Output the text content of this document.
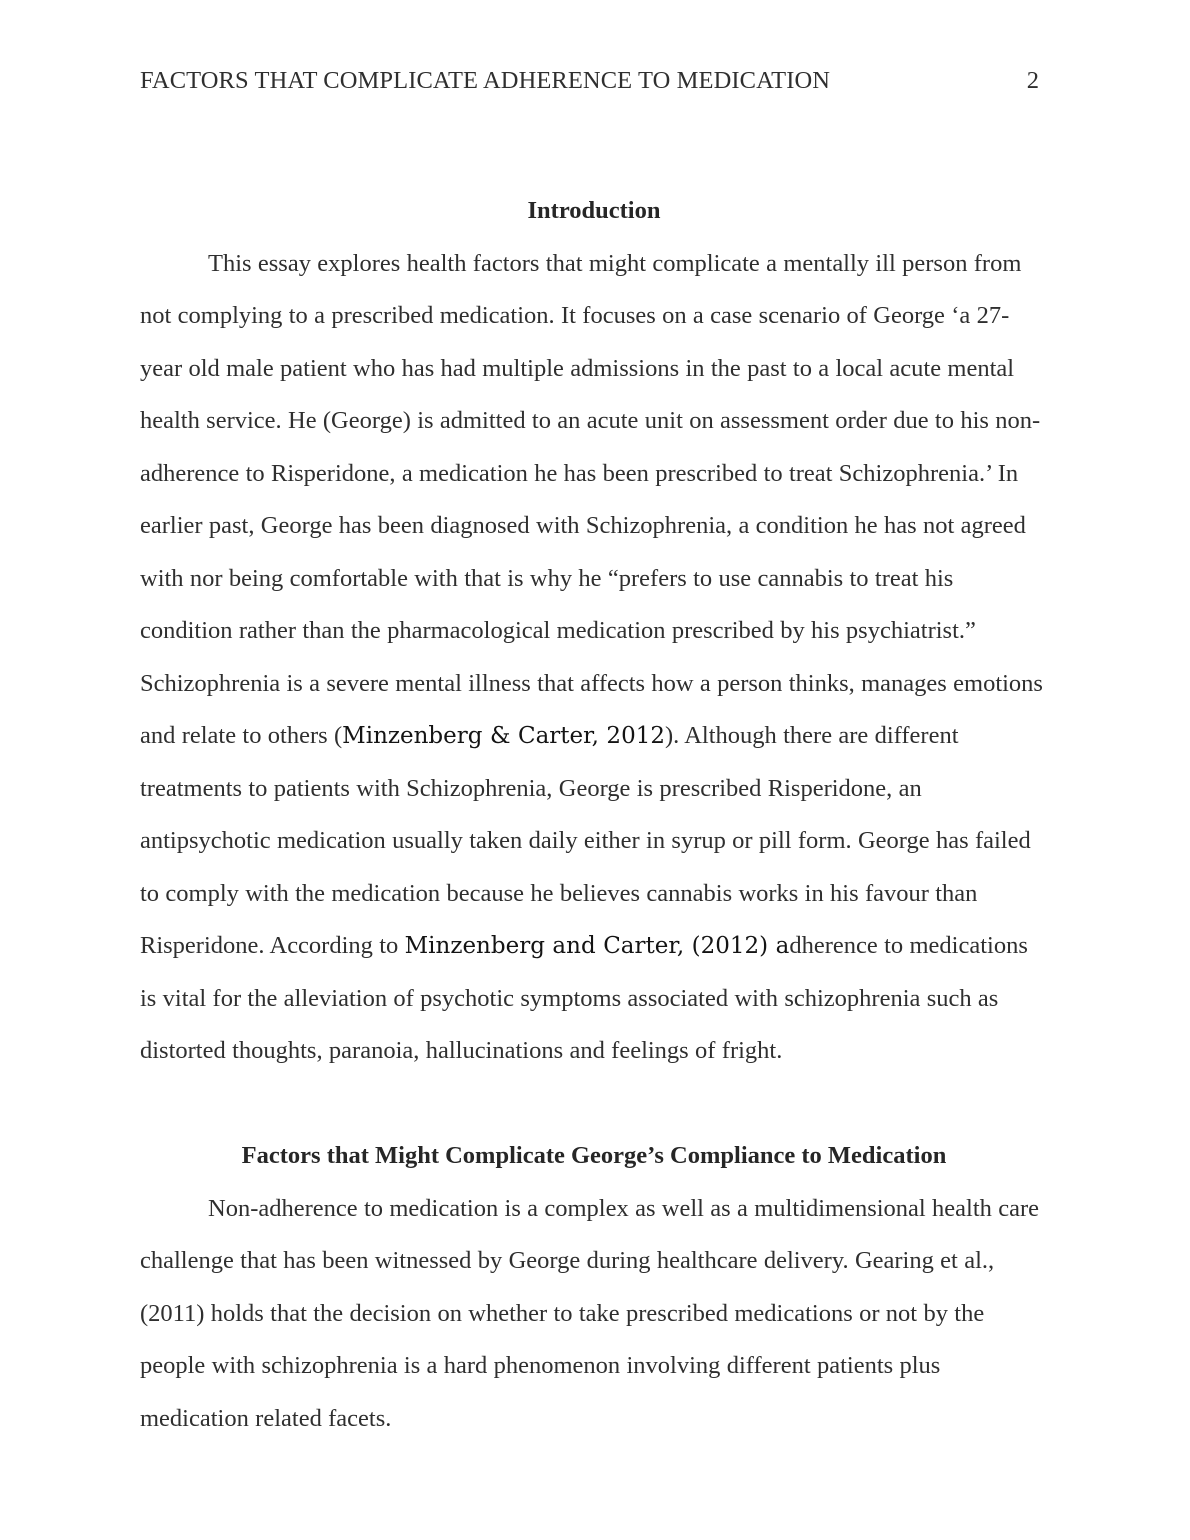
FACTORS THAT COMPLICATE ADHERENCE TO MEDICATION	2
Introduction

This essay explores health factors that might complicate a mentally ill person from not complying to a prescribed medication. It focuses on a case scenario of George ‘a 27- year old male patient who has had multiple admissions in the past to a local acute mental health service. He (George) is admitted to an acute unit on assessment order due to his non-adherence to Risperidone, a medication he has been prescribed to treat Schizophrenia.’ In earlier past, George has been diagnosed with Schizophrenia, a condition he has not agreed with nor being comfortable with that is why he “prefers to use cannabis to treat his condition rather than the pharmacological medication prescribed by his psychiatrist.” Schizophrenia is a severe mental illness that affects how a person thinks, manages emotions and relate to others (Minzenberg & Carter, 2012). Although there are different treatments to patients with Schizophrenia, George is prescribed Risperidone, an antipsychotic medication usually taken daily either in syrup or pill form. George has failed to comply with the medication because he believes cannabis works in his favour than Risperidone. According to Minzenberg and Carter, (2012) adherence to medications is vital for the alleviation of psychotic symptoms associated with schizophrenia such as distorted thoughts, paranoia, hallucinations and feelings of fright.

Factors that Might Complicate George’s Compliance to Medication

Non-adherence to medication is a complex as well as a multidimensional health care challenge that has been witnessed by George during healthcare delivery. Gearing et al., (2011) holds that the decision on whether to take prescribed medications or not by the people with schizophrenia is a hard phenomenon involving different patients plus medication related facets.
